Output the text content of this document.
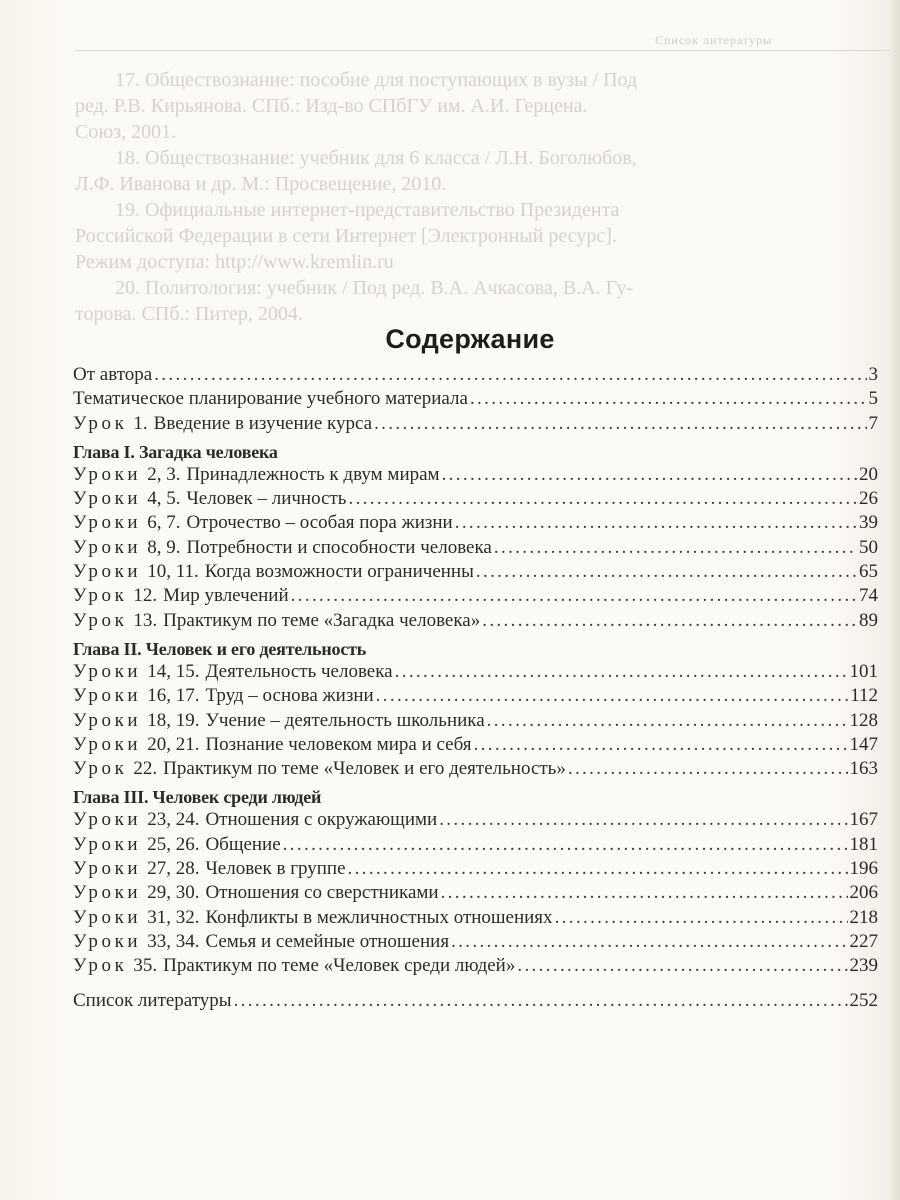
Список литературы
17. Обществознание: пособие для поступающих в вузы / Под
ред. Р.В. Кирьянова. СПб.: Изд-во СПбГУ им. А.И. Герцена.
Союз, 2001.
18. Обществознание: учебник для 6 класса / Л.Н. Боголюбов,
Л.Ф. Иванова и др. М.: Просвещение, 2010.
19. Официальные интернет-представительство Президента
Российской Федерации в сети Интернет [Электронный ресурс].
Режим доступа: http://www.kremlin.ru
20. Политология: учебник / Под ред. В.А. Ачкасова, В.А. Гу-
торова. СПб.: Питер, 2004.
Содержание
От автора . . .	3
Тематическое планирование учебного материала . . .	5
Урок 1. Введение в изучение курса . . .	7
Глава I. Загадка человека
Уроки 2, 3. Принадлежность к двум мирам . . .	20
Уроки 4, 5. Человек – личность . . .	26
Уроки 6, 7. Отрочество – особая пора жизни . . .	39
Уроки 8, 9. Потребности и способности человека . . .	50
Уроки 10, 11. Когда возможности ограниченны . . .	65
Урок 12. Мир увлечений . . .	74
Урок 13. Практикум по теме «Загадка человека» . . .	89
Глава II. Человек и его деятельность
Уроки 14, 15. Деятельность человека . . .	101
Уроки 16, 17. Труд – основа жизни . . .	112
Уроки 18, 19. Учение – деятельность школьника . . .	128
Уроки 20, 21. Познание человеком мира и себя . . .	147
Урок 22. Практикум по теме «Человек и его деятельность» . . .	163
Глава III. Человек среди людей
Уроки 23, 24. Отношения с окружающими . . .	167
Уроки 25, 26. Общение . . .	181
Уроки 27, 28. Человек в группе . . .	196
Уроки 29, 30. Отношения со сверстниками . . .	206
Уроки 31, 32. Конфликты в межличностных отношениях . . .	218
Уроки 33, 34. Семья и семейные отношения . . .	227
Урок 35. Практикум по теме «Человек среди людей» . . .	239
Список литературы . . .	252
